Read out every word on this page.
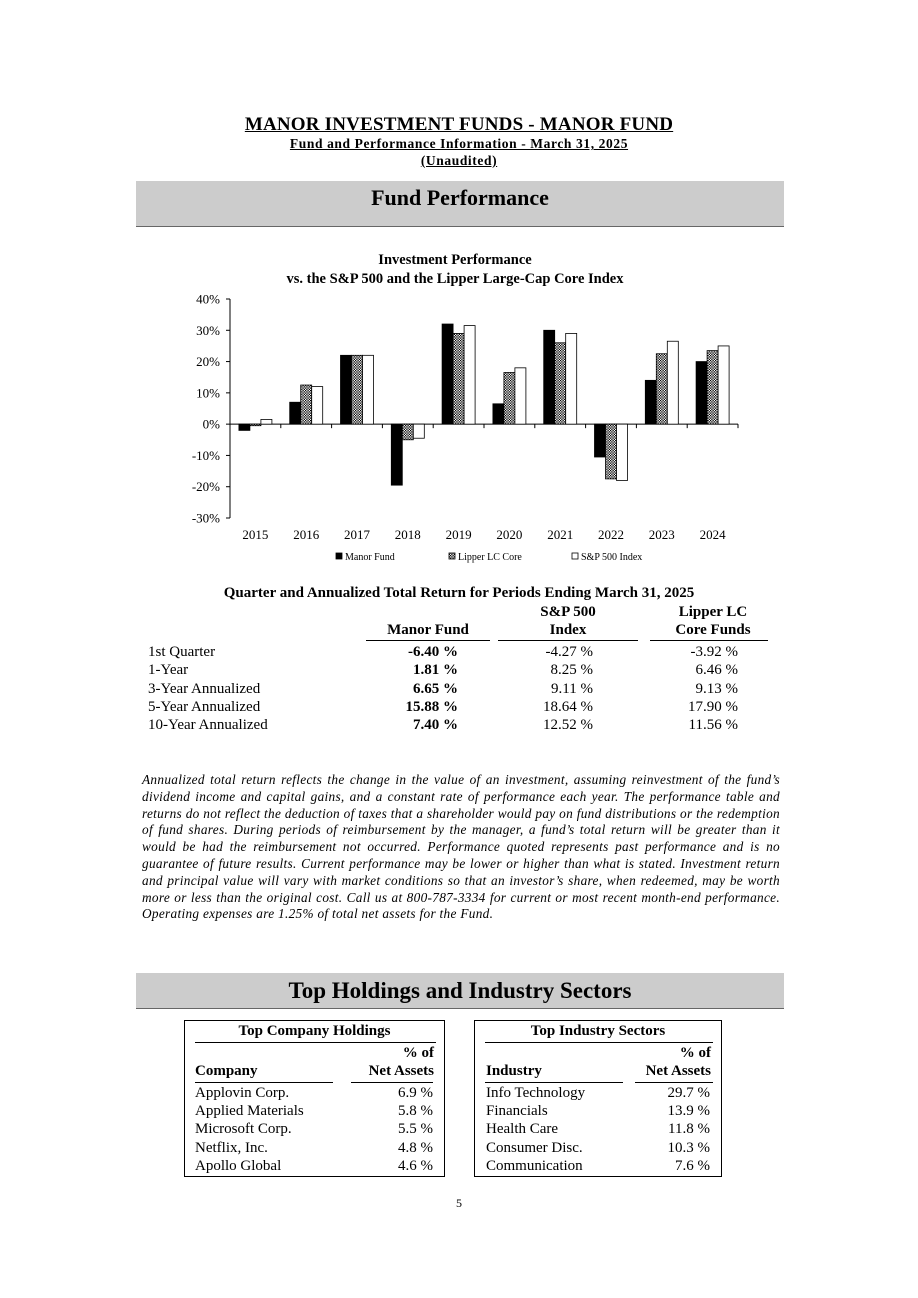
MANOR INVESTMENT FUNDS - MANOR FUND
Fund and Performance Information - March 31, 2025
(Unaudited)
Fund Performance
Investment Performance
vs. the S&P 500 and the Lipper Large-Cap Core Index
40%
30%
20%
10%
0%
-10%
-20%
-30%
2015 2016 2017 2018 2019 2020 2021 2022 2023 2024
Manor Fund	Lipper LC Core	S&P 500 Index
Quarter and Annualized Total Return for Periods Ending March 31, 2025
Manor Fund
S&P 500
Index
Lipper LC
Core Funds
1st Quarter	-6.40 %	-4.27 %	-3.92 %
1-Year	1.81 %	8.25 %	6.46 %
3-Year Annualized	6.65 %	9.11 %	9.13 %
5-Year Annualized	15.88 %	18.64 %	17.90 %
10-Year Annualized	7.40 %	12.52 %	11.56 %
Annualized total return reflects the change in the value of an investment, assuming reinvestment of the fund’s dividend income and capital gains, and a constant rate of performance each year. The performance table and returns do not reflect the deduction of taxes that a shareholder would pay on fund distributions or the redemption of fund shares. During periods of reimbursement by the manager, a fund’s total return will be greater than it would be had the reimbursement not occurred. Performance quoted represents past performance and is no guarantee of future results. Current performance may be lower or higher than what is stated. Investment return and principal value will vary with market conditions so that an investor’s share, when redeemed, may be worth more or less than the original cost. Call us at 800-787-3334 for current or most recent month-end performance. Operating expenses are 1.25% of total net assets for the Fund.
Top Holdings and Industry Sectors
Top Company Holdings
Company
% of
Net Assets
Applovin Corp.	6.9 %
Applied Materials	5.8 %
Microsoft Corp.	5.5 %
Netflix, Inc.	4.8 %
Apollo Global	4.6 %
Top Industry Sectors
Industry
% of
Net Assets
Info Technology	29.7 %
Financials	13.9 %
Health Care	11.8 %
Consumer Disc.	10.3 %
Communication	7.6 %
5
